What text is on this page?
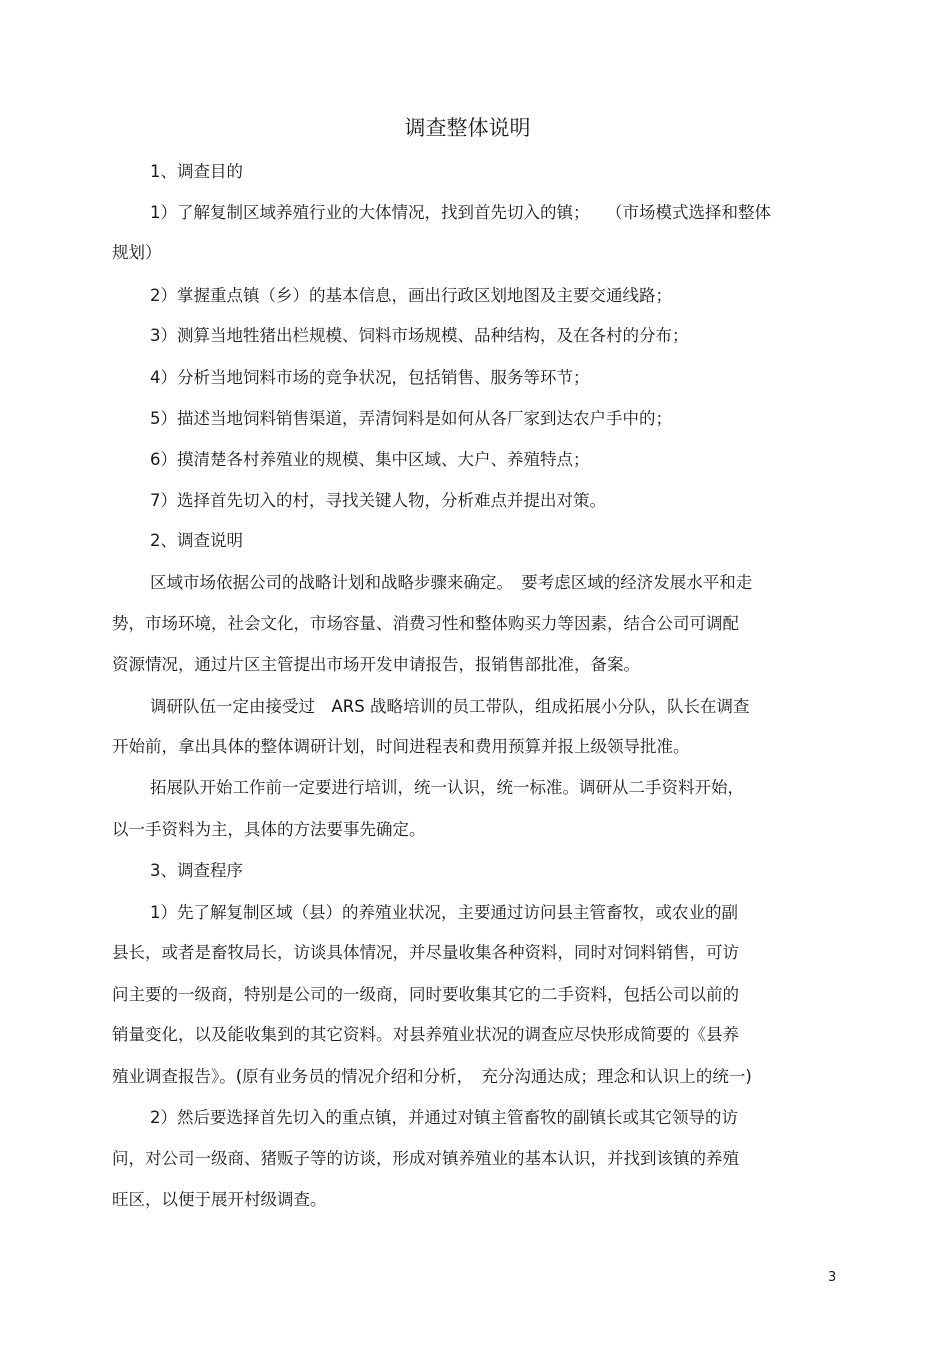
调查整体说明

1、调查目的

1）了解复制区域养殖行业的大体情况，找到首先切入的镇；　　（市场模式选择和整体

规划）

2）掌握重点镇（乡）的基本信息，画出行政区划地图及主要交通线路；

3）测算当地牲猪出栏规模、饲料市场规模、品种结构，及在各村的分布；

4）分析当地饲料市场的竞争状况，包括销售、服务等环节；

5）描述当地饲料销售渠道，弄清饲料是如何从各厂家到达农户手中的；

6）摸清楚各村养殖业的规模、集中区域、大户、养殖特点；

7）选择首先切入的村，寻找关键人物，分析难点并提出对策。

2、调查说明

区域市场依据公司的战略计划和战略步骤来确定。　要考虑区域的经济发展水平和走

势，市场环境，社会文化，市场容量、消费习性和整体购买力等因素，结合公司可调配

资源情况，通过片区主管提出市场开发申请报告，报销售部批准，备案。

调研队伍一定由接受过　ARS 战略培训的员工带队，组成拓展小分队，队长在调查

开始前，拿出具体的整体调研计划，时间进程表和费用预算并报上级领导批准。

拓展队开始工作前一定要进行培训，统一认识，统一标准。调研从二手资料开始，

以一手资料为主，具体的方法要事先确定。

3、调查程序

1）先了解复制区域（县）的养殖业状况，主要通过访问县主管畜牧，或农业的副

县长，或者是畜牧局长，访谈具体情况，并尽量收集各种资料，同时对饲料销售，可访

问主要的一级商，特别是公司的一级商，同时要收集其它的二手资料，包括公司以前的

销量变化，以及能收集到的其它资料。对县养殖业状况的调查应尽快形成简要的《县养

殖业调查报告》。(原有业务员的情况介绍和分析，　充分沟通达成；理念和认识上的统一)

2）然后要选择首先切入的重点镇，并通过对镇主管畜牧的副镇长或其它领导的访

问，对公司一级商、猪贩子等的访谈，形成对镇养殖业的基本认识，并找到该镇的养殖

旺区，以便于展开村级调查。

3
